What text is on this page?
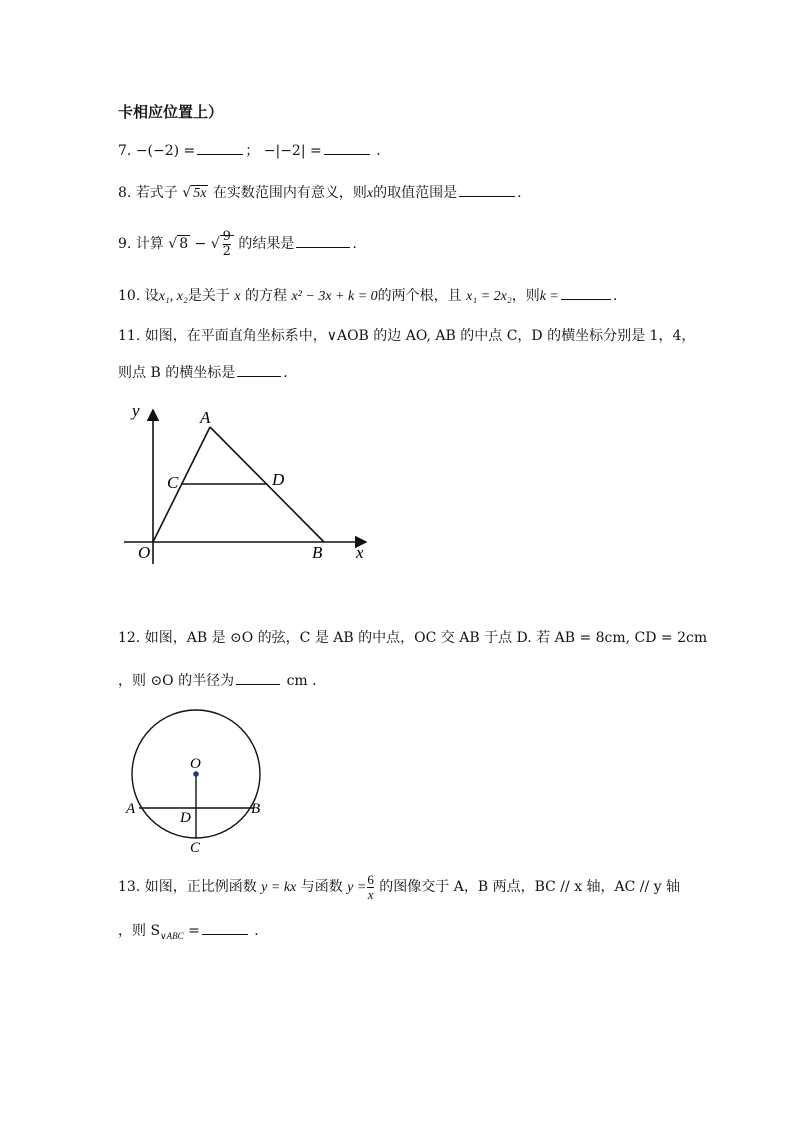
卡相应位置上）
7. −(−2) =	； −|−2| =	.
8. 若式子 √ 5x 在实数范围内有意义，则x的取值范围是	.
9. 计算 √ 8 − √ $\frac{9}{2}$ 的结果是	.
10. 设x₁, x₂是关于 x 的方程 x² − 3x + k = 0的两个根，且 x₁ = 2x₂，则k =	.
11. 如图，在平面直角坐标系中，∨AOB 的边 AO, AB 的中点 C，D 的横坐标分别是 1，4，
则点 B 的横坐标是	.
y
x
A
B
C	D
O
12. 如图，AB 是 ⊙O 的弦，C 是 AB 的中点，OC 交 AB 于点 D. 若 AB = 8cm, CD = 2cm
，则 ⊙O 的半径为	cm .
O
A	B
D
C
13. 如图，正比例函数 y = kx 与函数 $y = \frac{6}{x}$ 的图像交于 A，B 两点，BC // x 轴，AC // y 轴
，则 $S_{\vee ABC}$ =	.
